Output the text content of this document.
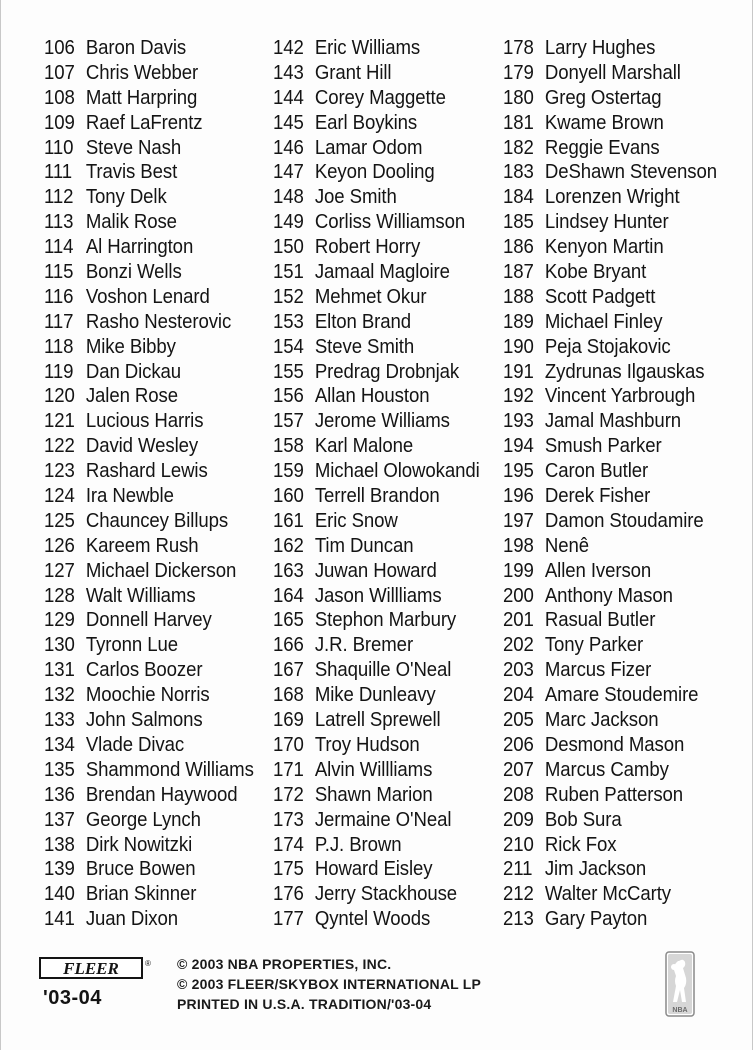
106 Baron Davis
107 Chris Webber
108 Matt Harpring
109 Raef LaFrentz
110 Steve Nash
111 Travis Best
112 Tony Delk
113 Malik Rose
114 Al Harrington
115 Bonzi Wells
116 Voshon Lenard
117 Rasho Nesterovic
118 Mike Bibby
119 Dan Dickau
120 Jalen Rose
121 Lucious Harris
122 David Wesley
123 Rashard Lewis
124 Ira Newble
125 Chauncey Billups
126 Kareem Rush
127 Michael Dickerson
128 Walt Williams
129 Donnell Harvey
130 Tyronn Lue
131 Carlos Boozer
132 Moochie Norris
133 John Salmons
134 Vlade Divac
135 Shammond Williams
136 Brendan Haywood
137 George Lynch
138 Dirk Nowitzki
139 Bruce Bowen
140 Brian Skinner
141 Juan Dixon
142 Eric Williams
143 Grant Hill
144 Corey Maggette
145 Earl Boykins
146 Lamar Odom
147 Keyon Dooling
148 Joe Smith
149 Corliss Williamson
150 Robert Horry
151 Jamaal Magloire
152 Mehmet Okur
153 Elton Brand
154 Steve Smith
155 Predrag Drobnjak
156 Allan Houston
157 Jerome Williams
158 Karl Malone
159 Michael Olowokandi
160 Terrell Brandon
161 Eric Snow
162 Tim Duncan
163 Juwan Howard
164 Jason Willliams
165 Stephon Marbury
166 J.R. Bremer
167 Shaquille O'Neal
168 Mike Dunleavy
169 Latrell Sprewell
170 Troy Hudson
171 Alvin Willliams
172 Shawn Marion
173 Jermaine O'Neal
174 P.J. Brown
175 Howard Eisley
176 Jerry Stackhouse
177 Qyntel Woods
178 Larry Hughes
179 Donyell Marshall
180 Greg Ostertag
181 Kwame Brown
182 Reggie Evans
183 DeShawn Stevenson
184 Lorenzen Wright
185 Lindsey Hunter
186 Kenyon Martin
187 Kobe Bryant
188 Scott Padgett
189 Michael Finley
190 Peja Stojakovic
191 Zydrunas Ilgauskas
192 Vincent Yarbrough
193 Jamal Mashburn
194 Smush Parker
195 Caron Butler
196 Derek Fisher
197 Damon Stoudamire
198 Nenê
199 Allen Iverson
200 Anthony Mason
201 Rasual Butler
202 Tony Parker
203 Marcus Fizer
204 Amare Stoudemire
205 Marc Jackson
206 Desmond Mason
207 Marcus Camby
208 Ruben Patterson
209 Bob Sura
210 Rick Fox
211 Jim Jackson
212 Walter McCarty
213 Gary Payton
FLEER	®
'03-04
© 2003 NBA PROPERTIES, INC.
© 2003 FLEER/SKYBOX INTERNATIONAL LP
PRINTED IN U.S.A. TRADITION/'03-04	NBA
